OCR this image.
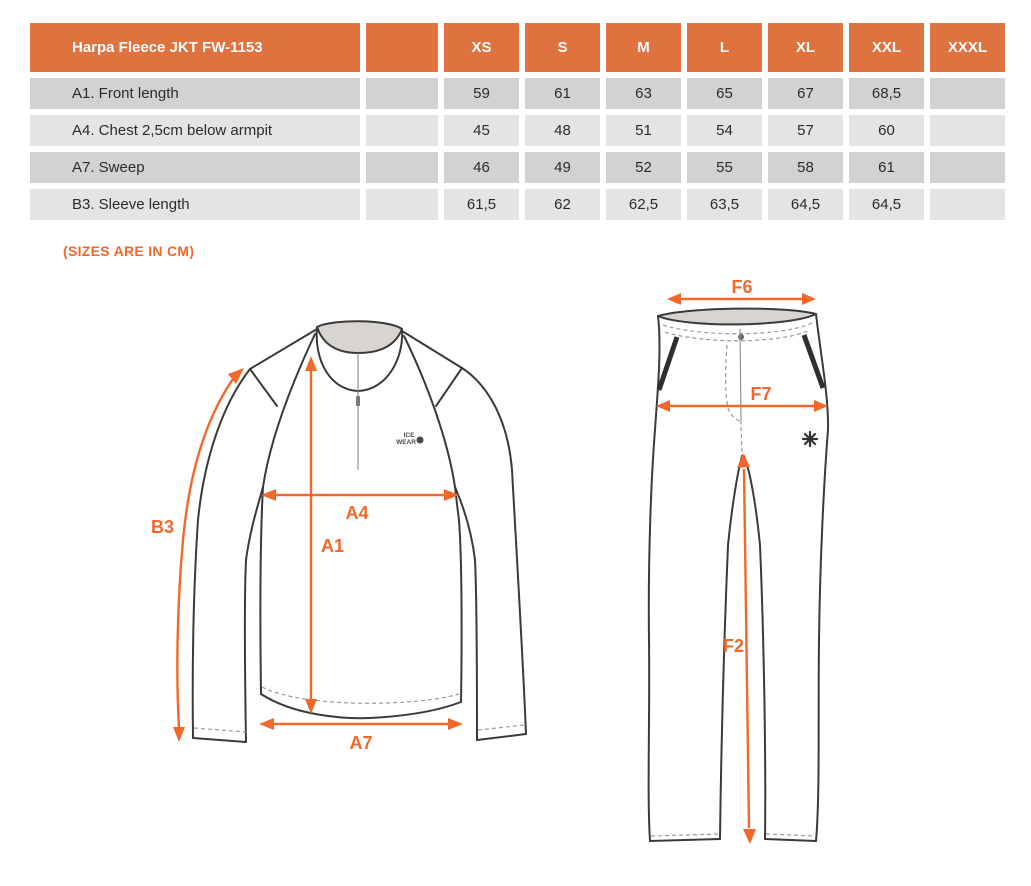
Harpa Fleece JKT FW-1153	XS	S	M	L	XL	XXL	XXXL
A1. Front length	59	61	63	65	67	68,5
A4. Chest 2,5cm below armpit	45	48	51	54	57	60
A7. Sweep	46	49	52	55	58	61
B3. Sleeve length	61,5	62	62,5	63,5	64,5	64,5
(SIZES ARE IN CM)
ICE
WEAR
A1
A4
A7
B3
F6
F7
F2
